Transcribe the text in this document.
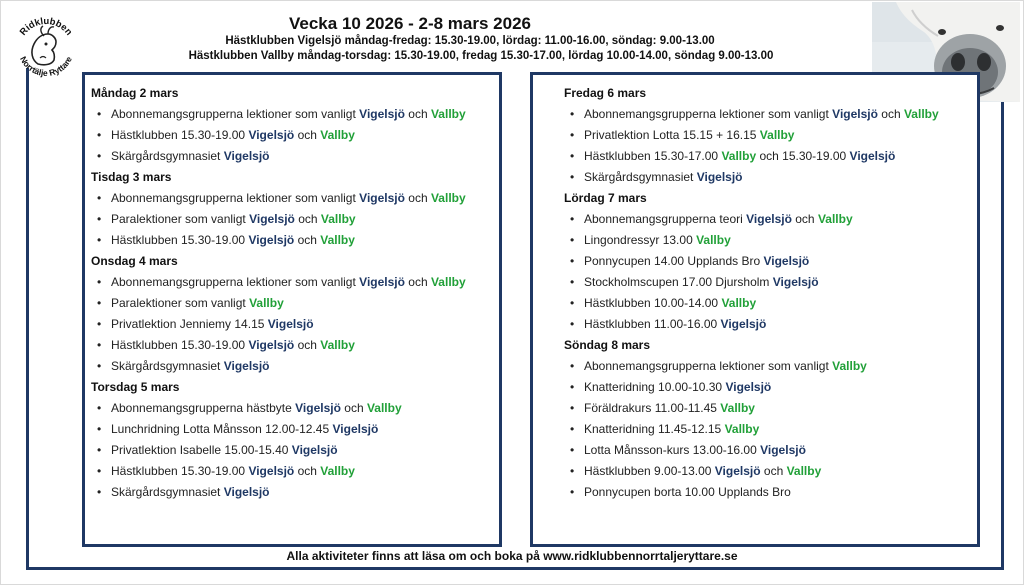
Ridklubben
Norrtälje Ryttare
Vecka 10 2026 - 2-8 mars 2026
Hästklubben Vigelsjö måndag-fredag: 15.30-19.00, lördag: 11.00-16.00, söndag: 9.00-13.00
Hästklubben Vallby måndag-torsdag: 15.30-19.00, fredag 15.30-17.00, lördag 10.00-14.00, söndag 9.00-13.00
Måndag 2 mars
• Abonnemangsgrupperna lektioner som vanligt Vigelsjö och Vallby
• Hästklubben 15.30-19.00 Vigelsjö och Vallby
• Skärgårdsgymnasiet Vigelsjö
Tisdag 3 mars
• Abonnemangsgrupperna lektioner som vanligt Vigelsjö och Vallby
• Paralektioner som vanligt Vigelsjö och Vallby
• Hästklubben 15.30-19.00 Vigelsjö och Vallby
Onsdag 4 mars
• Abonnemangsgrupperna lektioner som vanligt Vigelsjö och Vallby
• Paralektioner som vanligt Vallby
• Privatlektion Jenniemy 14.15 Vigelsjö
• Hästklubben 15.30-19.00 Vigelsjö och Vallby
• Skärgårdsgymnasiet Vigelsjö
Torsdag 5 mars
• Abonnemangsgrupperna hästbyte Vigelsjö och Vallby
• Lunchridning Lotta Månsson 12.00-12.45 Vigelsjö
• Privatlektion Isabelle 15.00-15.40 Vigelsjö
• Hästklubben 15.30-19.00 Vigelsjö och Vallby
• Skärgårdsgymnasiet Vigelsjö
Fredag 6 mars
• Abonnemangsgrupperna lektioner som vanligt Vigelsjö och Vallby
• Privatlektion Lotta 15.15 + 16.15 Vallby
• Hästklubben 15.30-17.00 Vallby och 15.30-19.00 Vigelsjö
• Skärgårdsgymnasiet Vigelsjö
Lördag 7 mars
• Abonnemangsgrupperna teori Vigelsjö och Vallby
• Lingondressyr 13.00 Vallby
• Ponnycupen 14.00 Upplands Bro Vigelsjö
• Stockholmscupen 17.00 Djursholm Vigelsjö
• Hästklubben 10.00-14.00 Vallby
• Hästklubben 11.00-16.00 Vigelsjö
Söndag 8 mars
• Abonnemangsgrupperna lektioner som vanligt Vallby
• Knatteridning 10.00-10.30 Vigelsjö
• Föräldrakurs 11.00-11.45 Vallby
• Knatteridning 11.45-12.15 Vallby
• Lotta Månsson-kurs 13.00-16.00 Vigelsjö
• Hästklubben 9.00-13.00 Vigelsjö och Vallby
• Ponnycupen borta 10.00 Upplands Bro
Alla aktiviteter finns att läsa om och boka på www.ridklubbennorrtaljeryttare.se
